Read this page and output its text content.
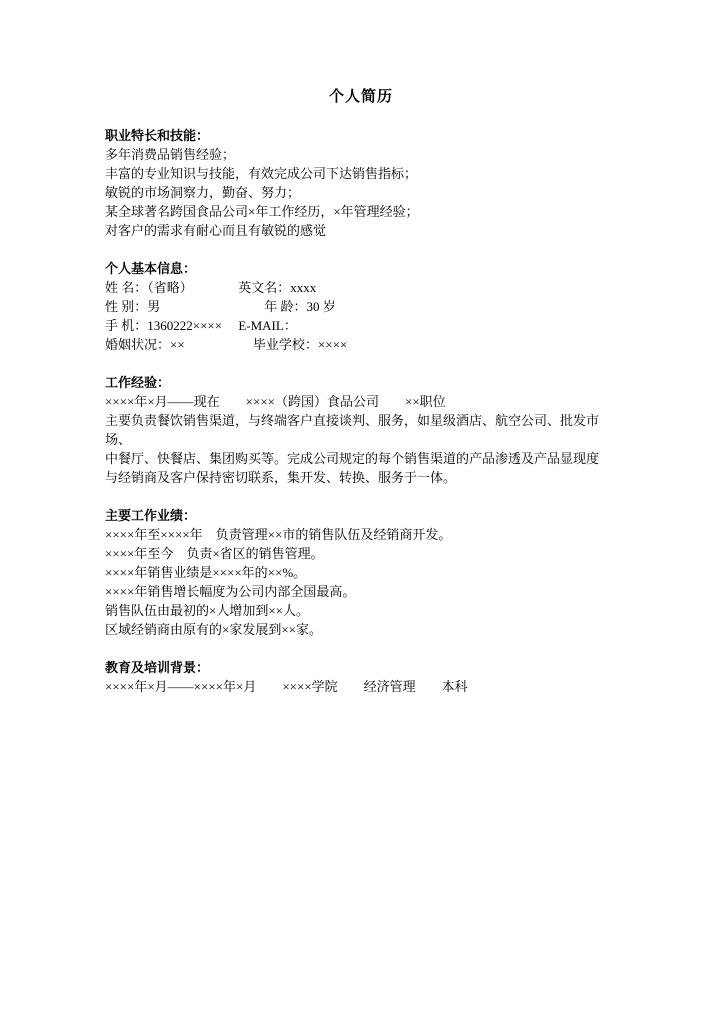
个人简历
职业特长和技能：
多年消费品销售经验；
丰富的专业知识与技能，有效完成公司下达销售指标；
敏锐的市场洞察力，勤奋、努力；
某全球著名跨国食品公司×年工作经历，×年管理经验；
对客户的需求有耐心而且有敏锐的感觉
个人基本信息：
姓 名：（省略）　　　　英文名：xxxx
性 别：男　　　　　　　　年 龄：30 岁
手 机：1360222××××　 E-MAIL：
婚姻状况：××　　　　　 毕业学校：××××
工作经验：
××××年×月——现在　　××××（跨国）食品公司　　××职位
主要负责餐饮销售渠道，与终端客户直接谈判、服务，如星级酒店、航空公司、批发市场、
中餐厅、快餐店、集团购买等。完成公司规定的每个销售渠道的产品渗透及产品显现度
与经销商及客户保持密切联系，集开发、转换、服务于一体。
主要工作业绩：
××××年至××××年　负责管理××市的销售队伍及经销商开发。
××××年至今　负责×省区的销售管理。
××××年销售业绩是××××年的××%。
××××年销售增长幅度为公司内部全国最高。
销售队伍由最初的×人增加到××人。
区域经销商由原有的×家发展到××家。
教育及培训背景：
××××年×月——××××年×月　　××××学院　　经济管理　　本科
